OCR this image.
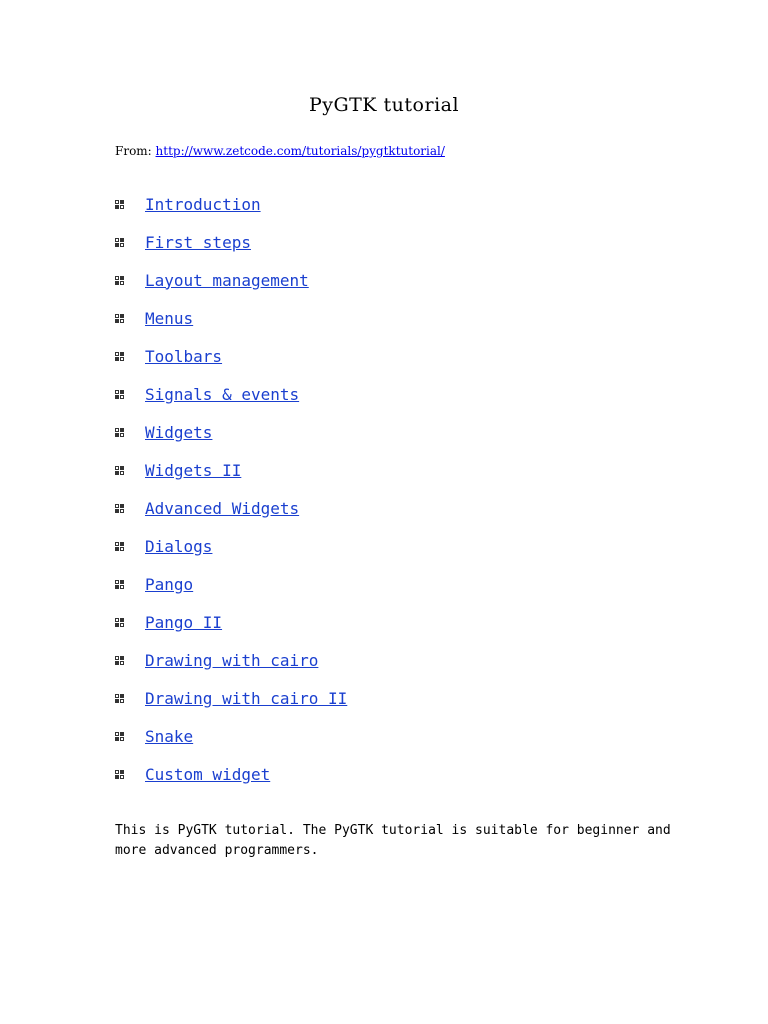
PyGTK tutorial
From: http://www.zetcode.com/tutorials/pygtktutorial/
Introduction
First steps
Layout management
Menus
Toolbars
Signals & events
Widgets
Widgets II
Advanced Widgets
Dialogs
Pango
Pango II
Drawing with cairo
Drawing with cairo II
Snake
Custom widget

This is PyGTK tutorial. The PyGTK tutorial is suitable for beginner and
more advanced programmers.
